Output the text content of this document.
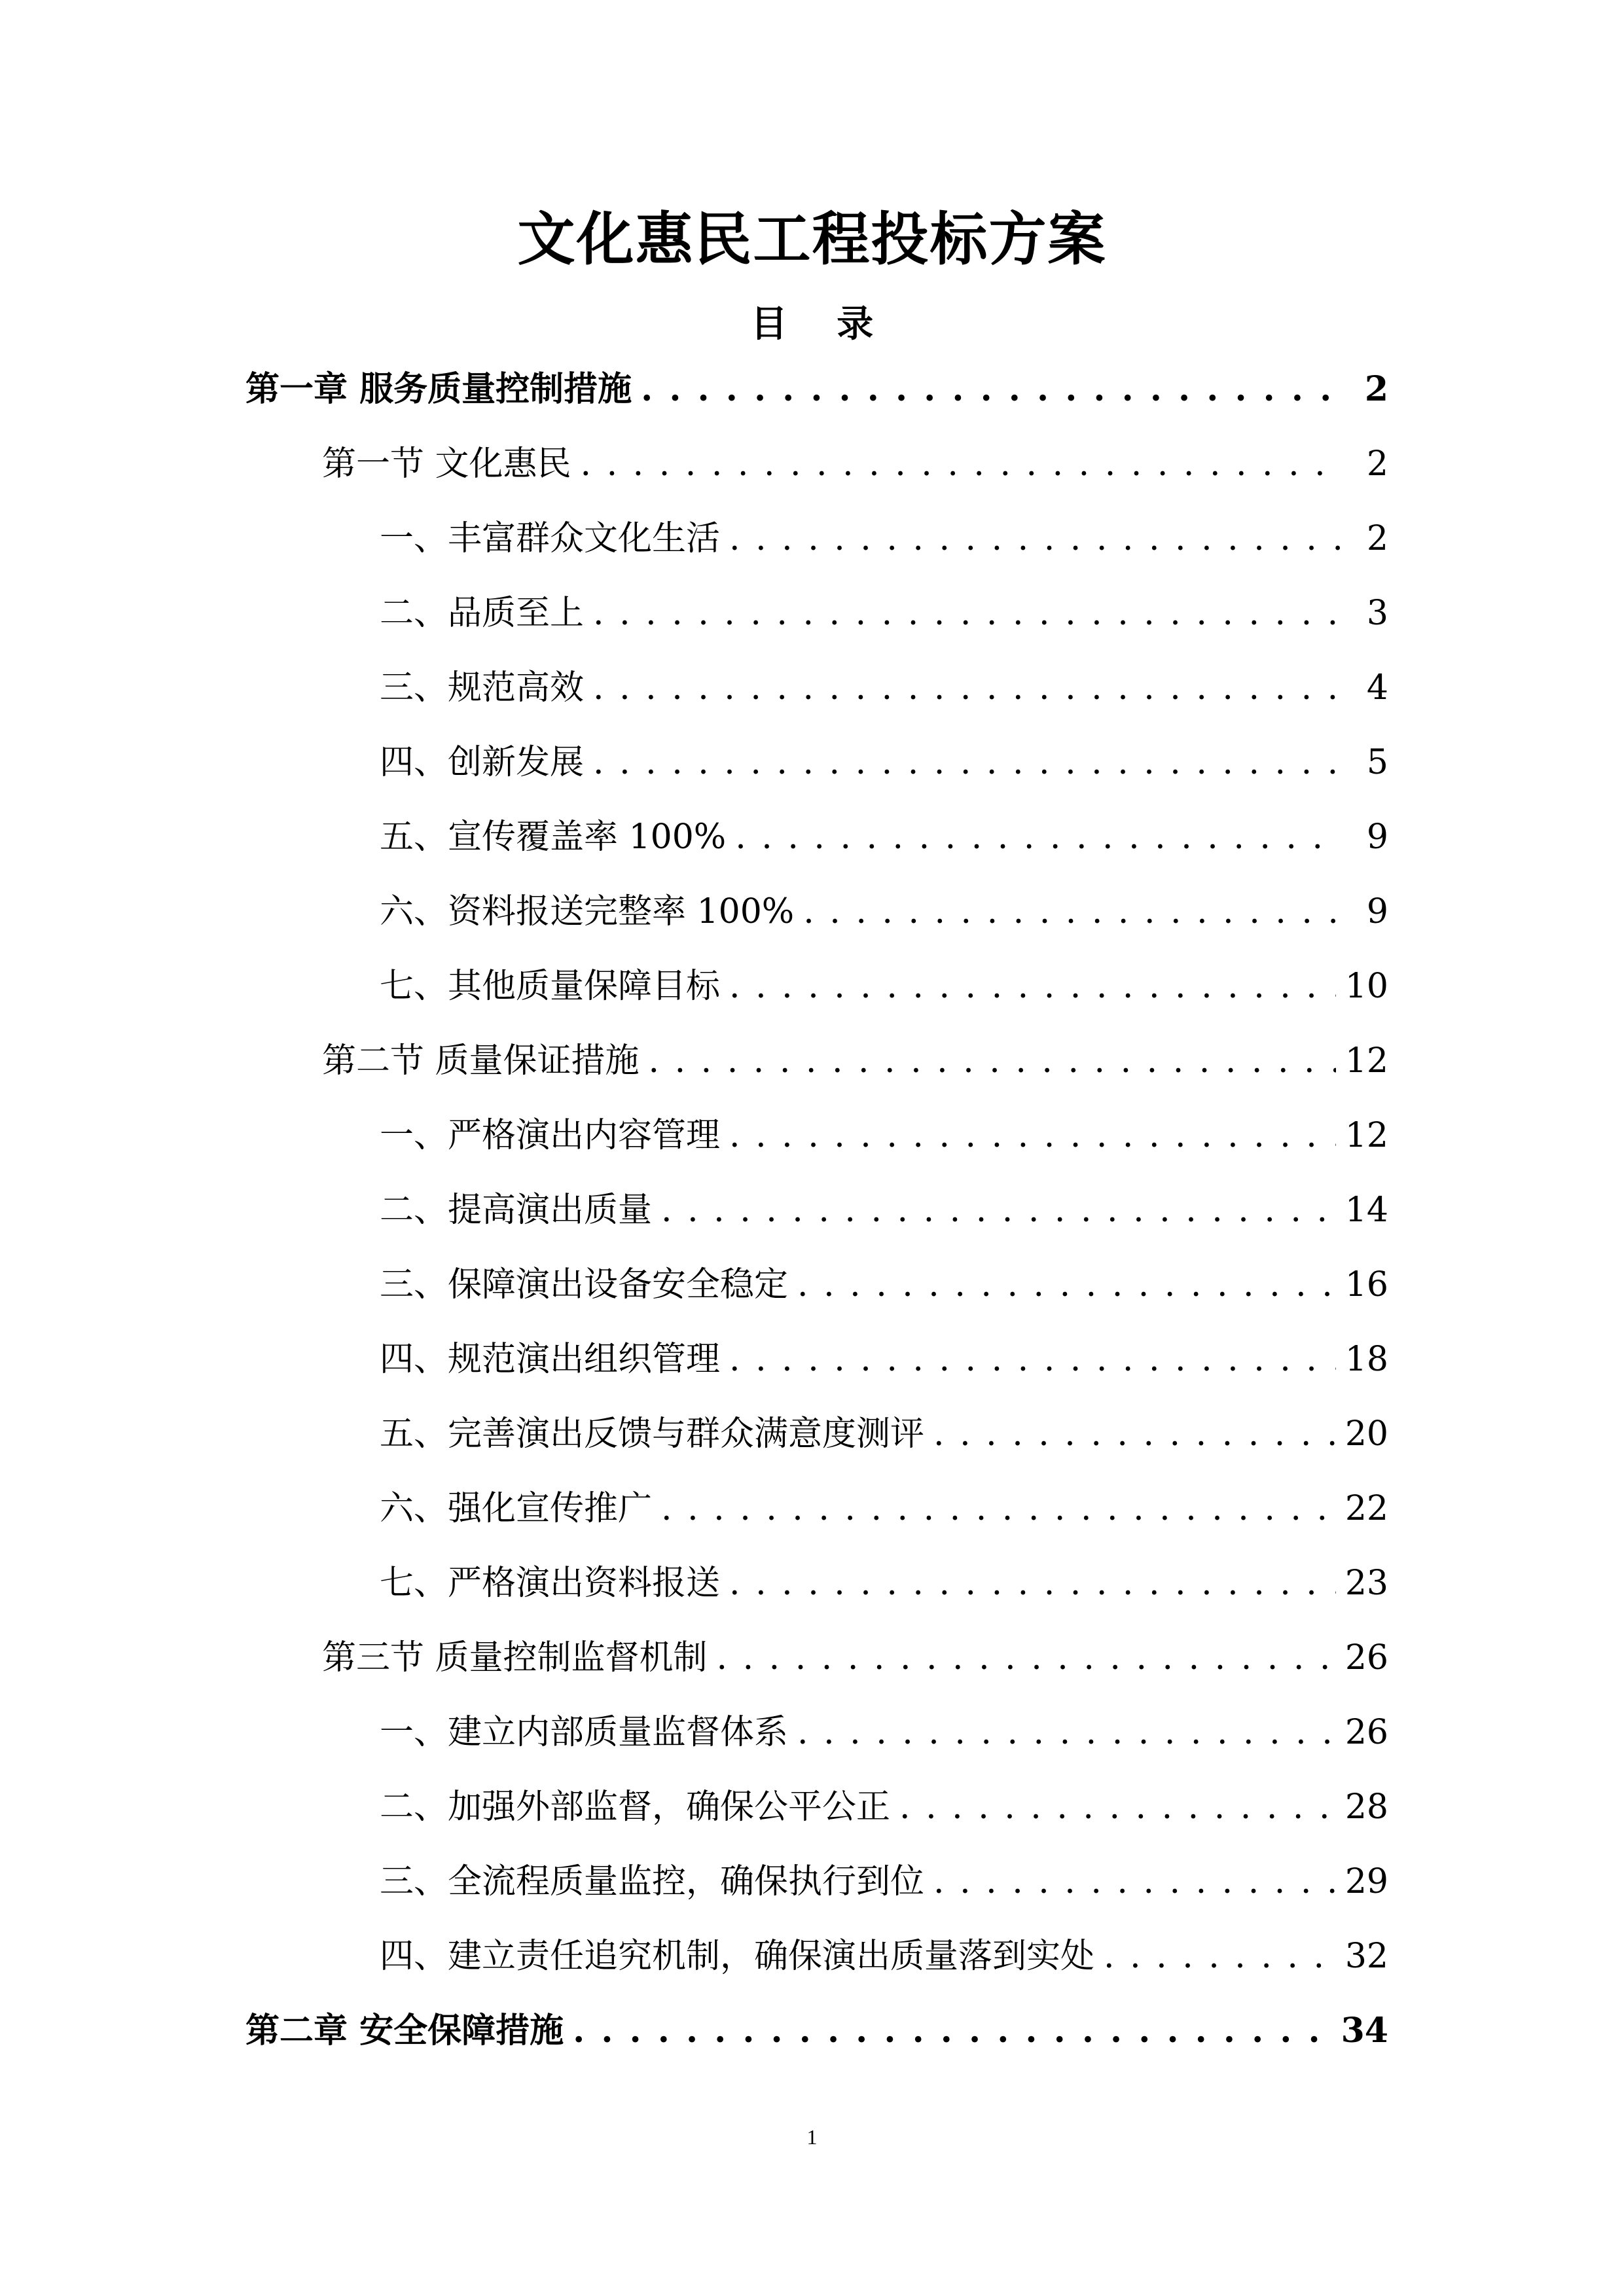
文化惠民工程投标方案
目 录
第一章 服务质量控制措施 . . .	2
第一节 文化惠民 . . .	2
一、丰富群众文化生活 . . .	2
二、品质至上 . . .	3
三、规范高效 . . .	4
四、创新发展 . . .	5
五、宣传覆盖率 100% . . .	9
六、资料报送完整率 100% . . .	9
七、其他质量保障目标 . . .	10
第二节 质量保证措施 . . .	12
一、严格演出内容管理 . . .	12
二、提高演出质量 . . .	14
三、保障演出设备安全稳定 . . .	16
四、规范演出组织管理 . . .	18
五、完善演出反馈与群众满意度测评 . . .	20
六、强化宣传推广 . . .	22
七、严格演出资料报送 . . .	23
第三节 质量控制监督机制 . . .	26
一、建立内部质量监督体系 . . .	26
二、加强外部监督，确保公平公正 . . .	28
三、全流程质量监控，确保执行到位 . . .	29
四、建立责任追究机制，确保演出质量落到实处 . . .	32
第二章 安全保障措施 . . .	34
1
